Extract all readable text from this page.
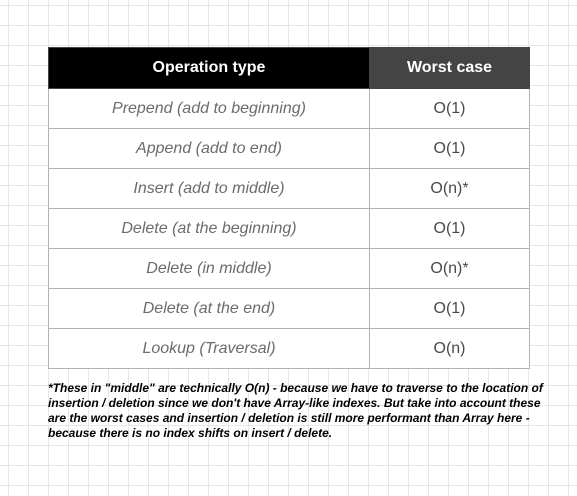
Operation type	Worst case
Prepend (add to beginning)	O(1)
Append (add to end)	O(1)
Insert (add to middle)	O(n)*
Delete (at the beginning)	O(1)
Delete (in middle)	O(n)*
Delete (at the end)	O(1)
Lookup (Traversal)	O(n)
*These in "middle" are technically O(n) - because we have to traverse to the location of insertion / deletion since we don't have Array-like indexes. But take into account these are the worst cases and insertion / deletion is still more performant than Array here - because there is no index shifts on insert / delete.
